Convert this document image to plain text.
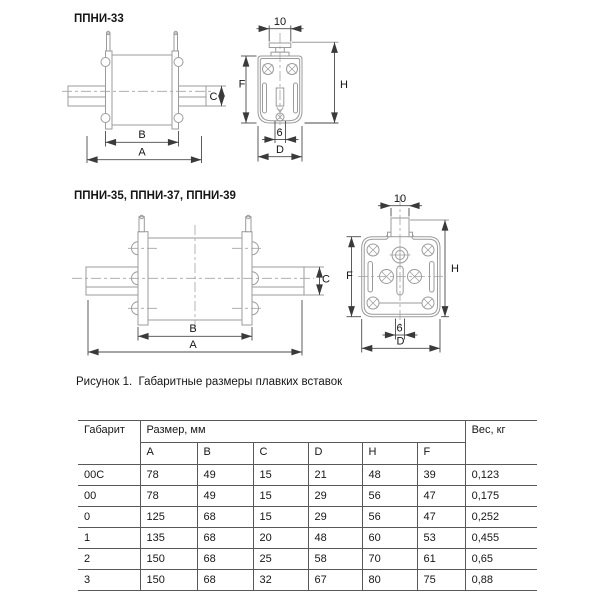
ППНИ-33
C
B
A
10
H
F
6
D
ППНИ-35, ППНИ-37, ППНИ-39
C
B
A
10
H
F
6
D
Рисунок 1.  Габаритные размеры плавких вставок
Габарит	Размер, мм						Вес, кг
	A	B	C	D	H	F	
00C	78	49	15	21	48	39	0,123
00	78	49	15	29	56	47	0,175
0	125	68	15	29	56	47	0,252
1	135	68	20	48	60	53	0,455
2	150	68	25	58	70	61	0,65
3	150	68	32	67	80	75	0,88
